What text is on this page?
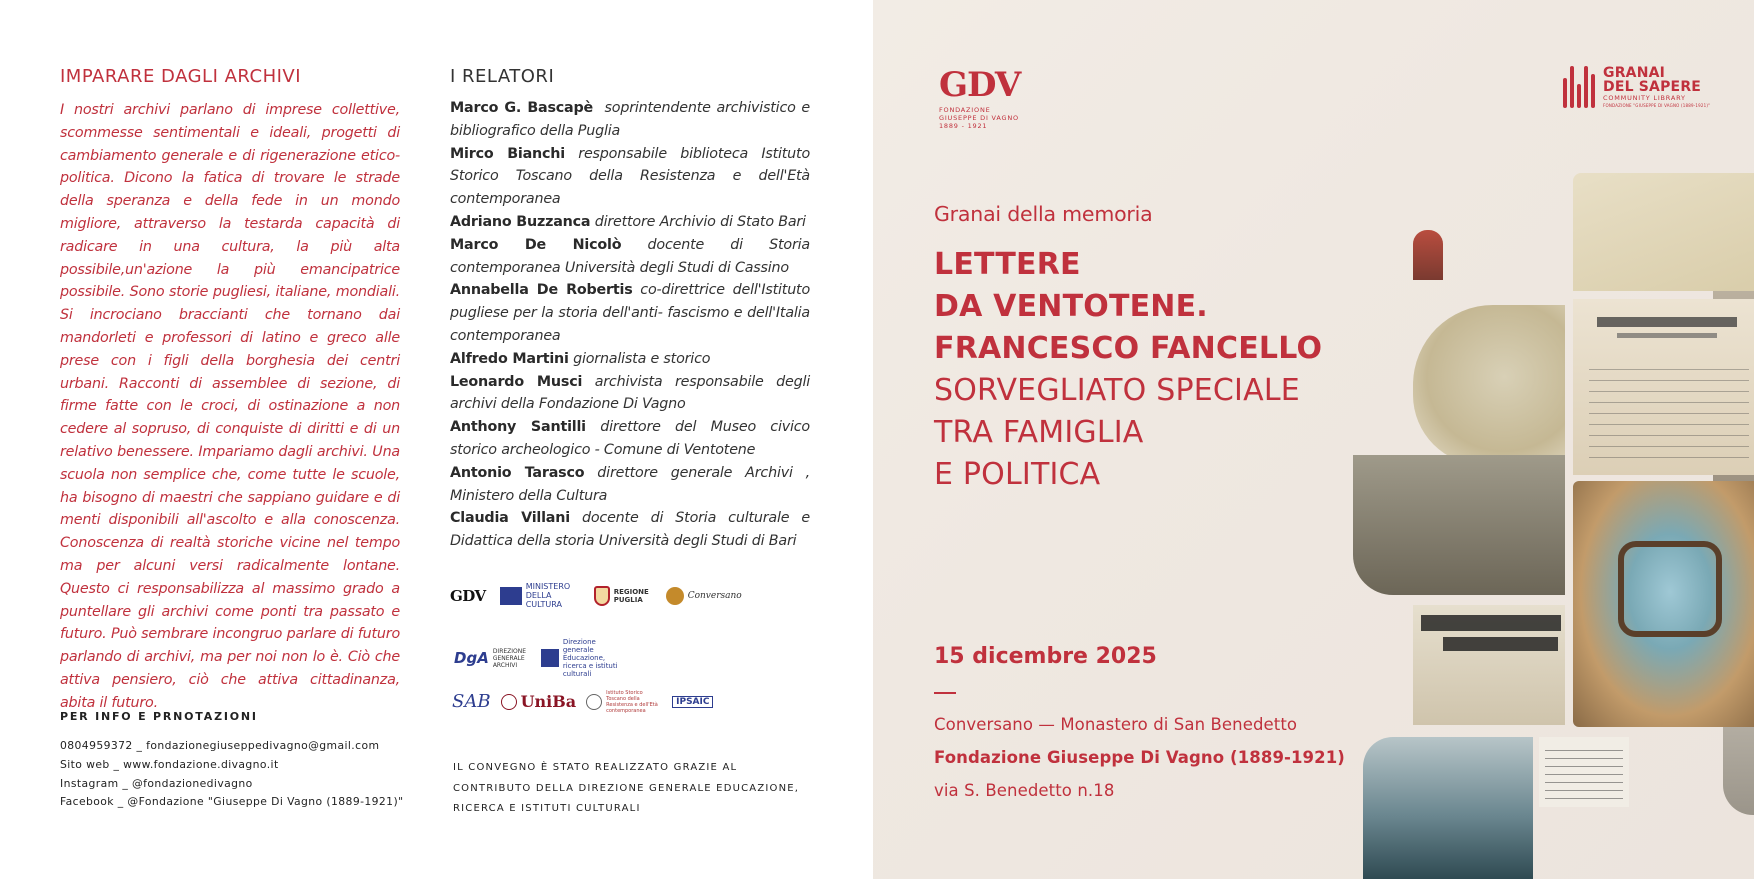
IMPARARE DAGLI ARCHIVI

I nostri archivi parlano di imprese collettive, scommesse sentimentali e ideali, progetti di cambiamento generale e di rigenerazione etico-politica. Dicono la fatica di trovare le strade della speranza e della fede in un mondo migliore, attraverso la testarda capacità di radicare in una cultura, la più alta possibile,un'azione la più emancipatrice possibile. Sono storie pugliesi, italiane, mondiali. Si incrociano braccianti che tornano dai mandorleti e professori di latino e greco alle prese con i figli della borghesia dei centri urbani. Racconti di assemblee di sezione, di firme fatte con le croci, di ostinazione a non cedere al sopruso, di conquiste di diritti e di un relativo benessere. Impariamo dagli archivi. Una scuola non semplice che, come tutte le scuole, ha bisogno di maestri che sappiano guidare e di menti disponibili all'ascolto e alla conoscenza. Conoscenza di realtà storiche vicine nel tempo ma per alcuni versi radicalmente lontane. Questo ci responsabilizza al massimo grado a puntellare gli archivi come ponti tra passato e futuro. Può sembrare incongruo parlare di futuro parlando di archivi, ma per noi non lo è. Ciò che attiva pensiero, ciò che attiva cittadinanza, abita il futuro.

PER INFO E PRNOTAZIONI
0804959372 _ fondazionegiuseppedivagno@gmail.com
Sito web _ www.fondazione.divagno.it
Instagram _ @fondazionedivagno
Facebook _ @Fondazione "Giuseppe Di Vagno (1889-1921)"
I RELATORI
Marco G. Bascapè soprintendente archivistico e bibliografico della Puglia
Mirco Bianchi responsabile biblioteca Istituto Storico Toscano della Resistenza e dell'Età contemporanea
Adriano Buzzanca direttore Archivio di Stato Bari
Marco De Nicolò docente di Storia contemporanea Università degli Studi di Cassino
Annabella De Robertis co-direttrice dell'Istituto pugliese per la storia dell'anti- fascismo e dell'Italia contemporanea
Alfredo Martini giornalista e storico
Leonardo Musci archivista responsabile degli archivi della Fondazione Di Vagno
Anthony Santilli direttore del Museo civico storico archeologico - Comune di Ventotene
Antonio Tarasco direttore generale Archivi , Ministero della Cultura
Claudia Villani docente di Storia culturale e Didattica della storia Università degli Studi di Bari
GDV	MINISTERO DELLA CULTURA
REGIONE PUGLIA	Conversano
DgA DIREZIONE GENERALE ARCHIVI
Direzione generale Educazione, ricerca e istituti culturali
SAB UniBa	Istituto Storico Toscano della Resistenza e dell'Età contemporanea
IPSAIC
IL CONVEGNO È STATO REALIZZATO GRAZIE AL CONTRIBUTO DELLA DIREZIONE GENERALE EDUCAZIONE, RICERCA E ISTITUTI CULTURALI
GDV
FONDAZIONE
GIUSEPPE DI VAGNO
1889 - 1921
GRANAI
DEL SAPERE
COMMUNITY LIBRARY
FONDAZIONE "GIUSEPPE DI VAGNO (1889-1921)"
Granai della memoria
LETTERE
DA VENTOTENE.
FRANCESCO FANCELLO
SORVEGLIATO SPECIALE
TRA FAMIGLIA
E POLITICA
15 dicembre 2025
Conversano — Monastero di San Benedetto
Fondazione Giuseppe Di Vagno (1889-1921)
via S. Benedetto n.18
